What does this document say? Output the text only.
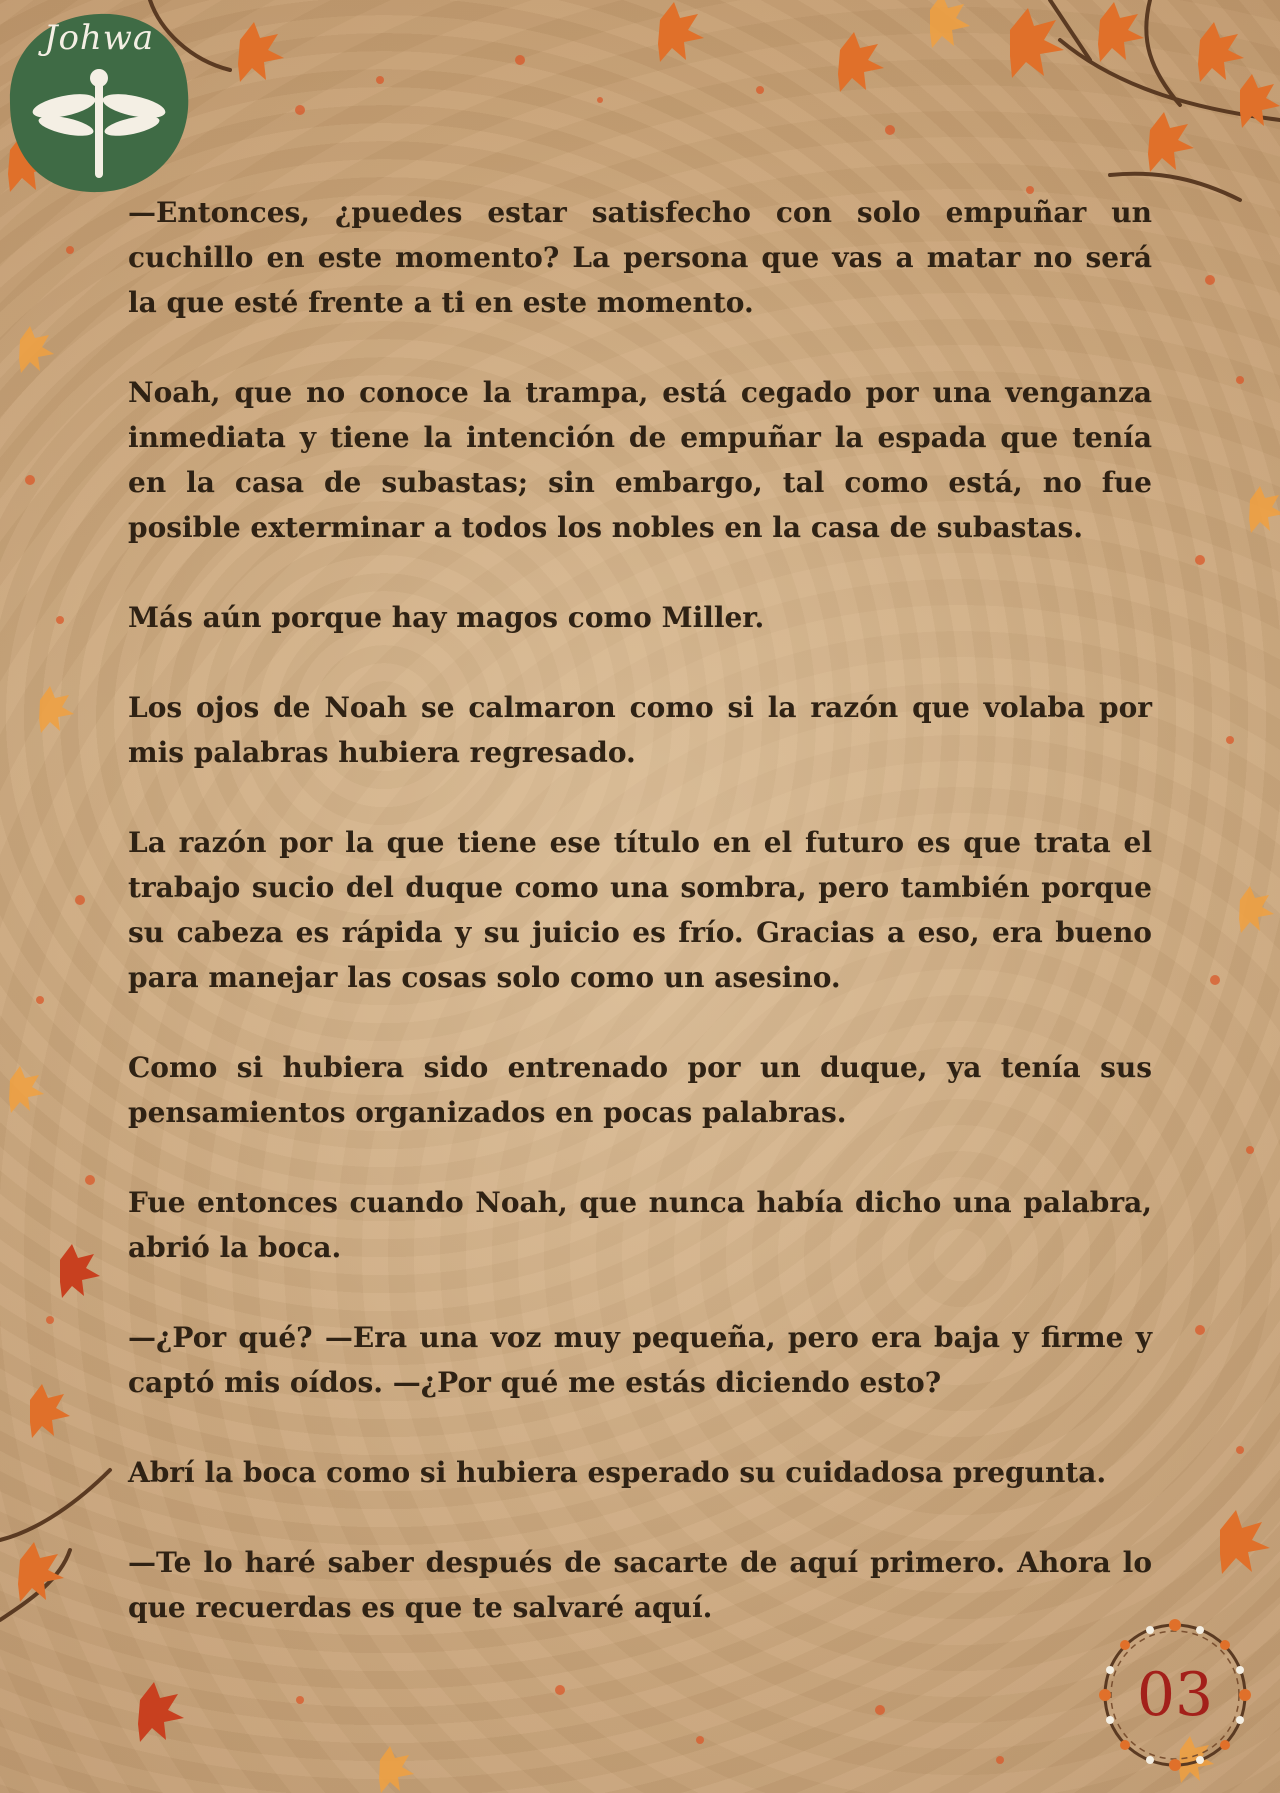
Johwa

—Entonces, ¿puedes estar satisfecho con solo empuñar un cuchillo en este momento? La persona que vas a matar no será la que esté frente a ti en este momento.

Noah, que no conoce la trampa, está cegado por una venganza inmediata y tiene la intención de empuñar la espada que tenía en la casa de subastas; sin embargo, tal como está, no fue posible exterminar a todos los nobles en la casa de subastas.

Más aún porque hay magos como Miller.

Los ojos de Noah se calmaron como si la razón que volaba por mis palabras hubiera regresado.

La razón por la que tiene ese título en el futuro es que trata el trabajo sucio del duque como una sombra, pero también porque su cabeza es rápida y su juicio es frío. Gracias a eso, era bueno para manejar las cosas solo como un asesino.

Como si hubiera sido entrenado por un duque, ya tenía sus pensamientos organizados en pocas palabras.

Fue entonces cuando Noah, que nunca había dicho una palabra, abrió la boca.

—¿Por qué? —Era una voz muy pequeña, pero era baja y firme y captó mis oídos. —¿Por qué me estás diciendo esto?

Abrí la boca como si hubiera esperado su cuidadosa pregunta.

—Te lo haré saber después de sacarte de aquí primero. Ahora lo que recuerdas es que te salvaré aquí.

03
